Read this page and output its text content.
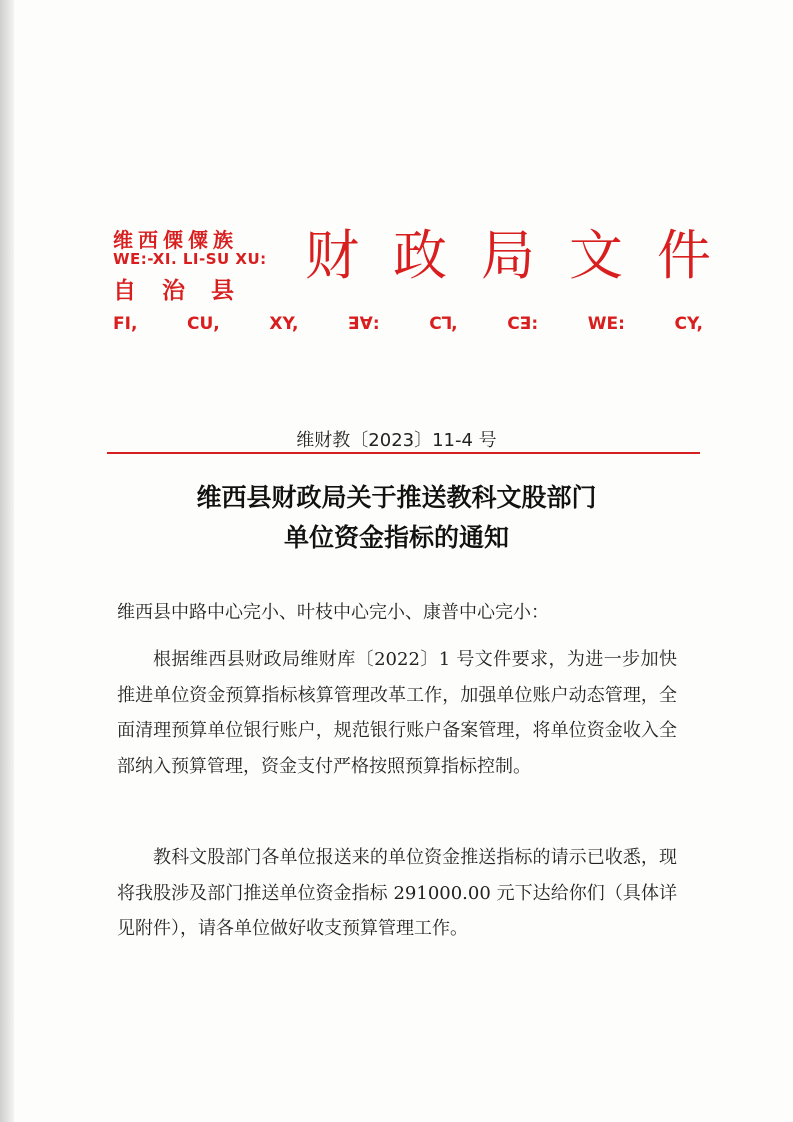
维西傈僳族
WE:-XI. LI-SU XU:
自治县
财政局文件
FI,	CU,	XY,	ꓱꓯ:	Cꓶ,	Cꓱ:	WE:	CY,
维财教〔2023〕11-4 号
维西县财政局关于推送教科文股部门
单位资金指标的通知
维西县中路中心完小、叶枝中心完小、康普中心完小：

根据维西县财政局维财库〔2022〕1 号文件要求，为进一步加快推进单位资金预算指标核算管理改革工作，加强单位账户动态管理，全面清理预算单位银行账户，规范银行账户备案管理，将单位资金收入全部纳入预算管理，资金支付严格按照预算指标控制。

教科文股部门各单位报送来的单位资金推送指标的请示已收悉，现将我股涉及部门推送单位资金指标 291000.00 元下达给你们（具体详见附件），请各单位做好收支预算管理工作。
